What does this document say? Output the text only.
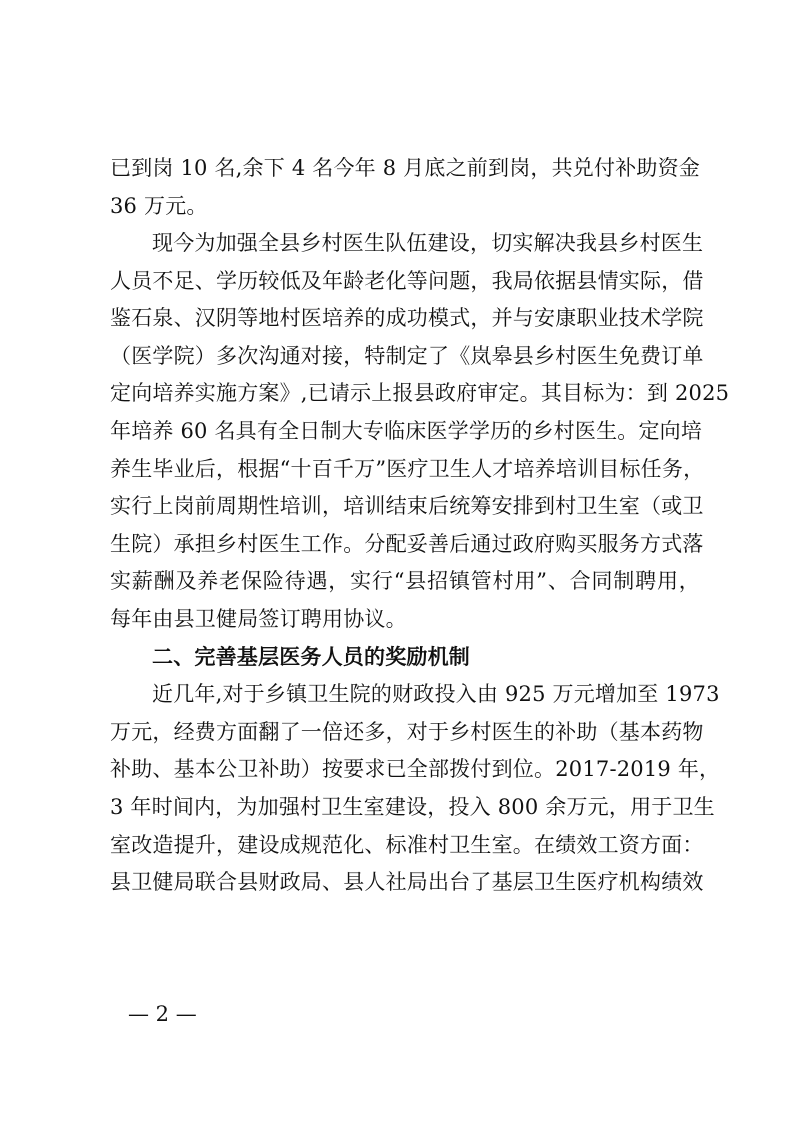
已到岗 10 名,余下 4 名今年 8 月底之前到岗，共兑付补助资金
36 万元。
现今为加强全县乡村医生队伍建设，切实解决我县乡村医生
人员不足、学历较低及年龄老化等问题，我局依据县情实际，借
鉴石泉、汉阴等地村医培养的成功模式，并与安康职业技术学院
（医学院）多次沟通对接，特制定了《岚皋县乡村医生免费订单
定向培养实施方案》,已请示上报县政府审定。其目标为：到 2025
年培养 60 名具有全日制大专临床医学学历的乡村医生。定向培
养生毕业后，根据“十百千万”医疗卫生人才培养培训目标任务，
实行上岗前周期性培训，培训结束后统筹安排到村卫生室（或卫
生院）承担乡村医生工作。分配妥善后通过政府购买服务方式落
实薪酬及养老保险待遇，实行“县招镇管村用”、合同制聘用，
每年由县卫健局签订聘用协议。
二、完善基层医务人员的奖励机制
近几年,对于乡镇卫生院的财政投入由 925 万元增加至 1973
万元，经费方面翻了一倍还多，对于乡村医生的补助（基本药物
补助、基本公卫补助）按要求已全部拨付到位。2017-2019 年，
3 年时间内，为加强村卫生室建设，投入 800 余万元，用于卫生
室改造提升，建设成规范化、标准村卫生室。在绩效工资方面：
县卫健局联合县财政局、县人社局出台了基层卫生医疗机构绩效
— 2 —
